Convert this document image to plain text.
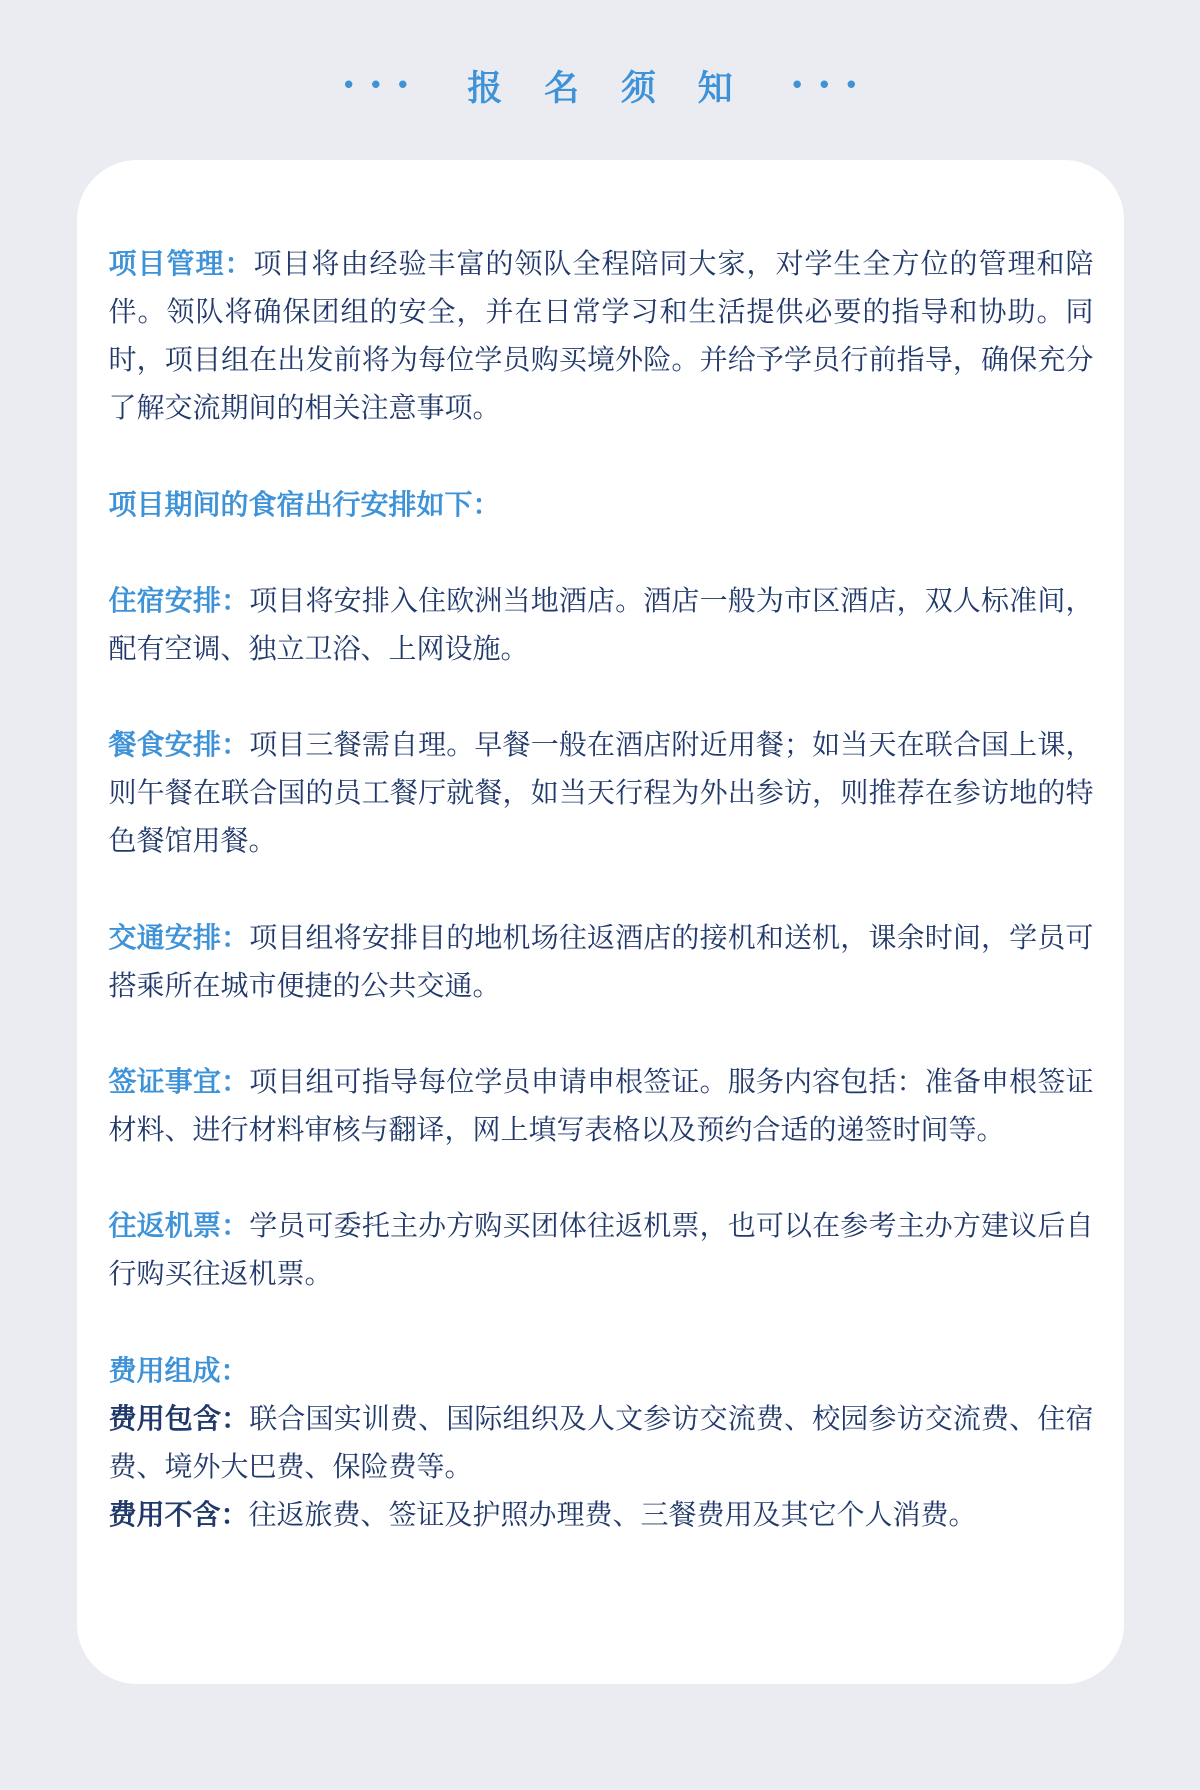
•••	报 名 须 知	•••

项目管理：项目将由经验丰富的领队全程陪同大家，对学生全方位的管理和陪伴。领队将确保团组的安全，并在日常学习和生活提供必要的指导和协助。同时，项目组在出发前将为每位学员购买境外险。并给予学员行前指导，确保充分了解交流期间的相关注意事项。

项目期间的食宿出行安排如下：

住宿安排：项目将安排入住欧洲当地酒店。酒店一般为市区酒店，双人标准间，配有空调、独立卫浴、上网设施。

餐食安排：项目三餐需自理。早餐一般在酒店附近用餐；如当天在联合国上课，则午餐在联合国的员工餐厅就餐，如当天行程为外出参访，则推荐在参访地的特色餐馆用餐。

交通安排：项目组将安排目的地机场往返酒店的接机和送机，课余时间，学员可搭乘所在城市便捷的公共交通。

签证事宜：项目组可指导每位学员申请申根签证。服务内容包括：准备申根签证材料、进行材料审核与翻译，网上填写表格以及预约合适的递签时间等。

往返机票：学员可委托主办方购买团体往返机票，也可以在参考主办方建议后自行购买往返机票。

费用组成：
费用包含：联合国实训费、国际组织及人文参访交流费、校园参访交流费、住宿费、境外大巴费、保险费等。
费用不含：往返旅费、签证及护照办理费、三餐费用及其它个人消费。
